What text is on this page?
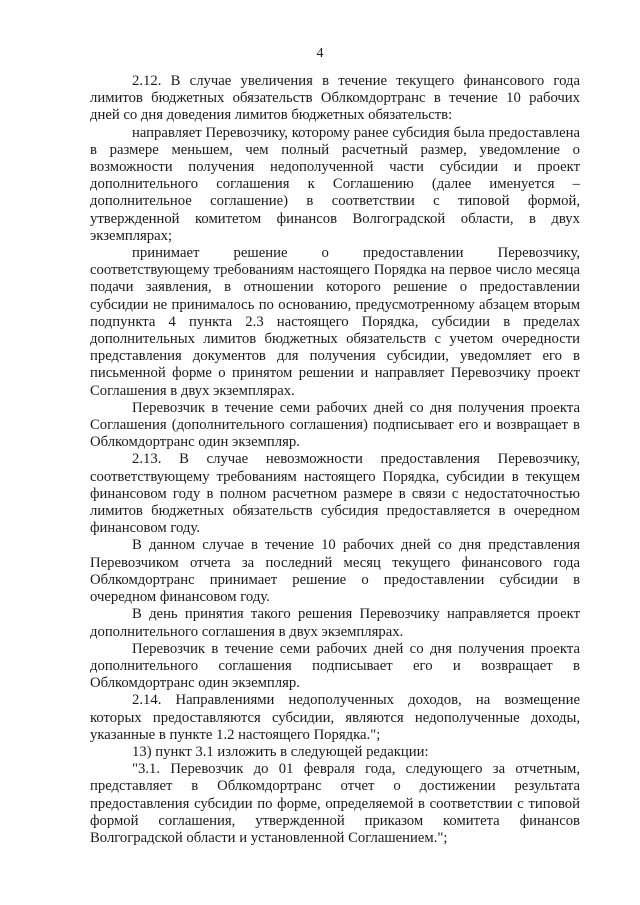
4

2.12. В случае увеличения в течение текущего финансового года лимитов бюджетных обязательств Облкомдортранс в течение 10 рабочих дней со дня доведения лимитов бюджетных обязательств:

направляет Перевозчику, которому ранее субсидия была предоставлена в размере меньшем, чем полный расчетный размер, уведомление о возможности получения недополученной части субсидии и проект дополнительного соглашения к Соглашению (далее именуется – дополнительное соглашение) в соответствии с типовой формой, утвержденной комитетом финансов Волгоградской области, в двух экземплярах;

принимает решение о предоставлении Перевозчику, соответствующему требованиям настоящего Порядка на первое число месяца подачи заявления, в отношении которого решение о предоставлении субсидии не принималось по основанию, предусмотренному абзацем вторым подпункта 4 пункта 2.3 настоящего Порядка, субсидии в пределах дополнительных лимитов бюджетных обязательств с учетом очередности представления документов для получения субсидии, уведомляет его в письменной форме о принятом решении и направляет Перевозчику проект Соглашения в двух экземплярах.

Перевозчик в течение семи рабочих дней со дня получения проекта Соглашения (дополнительного соглашения) подписывает его и возвращает в Облкомдортранс один экземпляр.

2.13. В случае невозможности предоставления Перевозчику, соответствующему требованиям настоящего Порядка, субсидии в текущем финансовом году в полном расчетном размере в связи с недостаточностью лимитов бюджетных обязательств субсидия предоставляется в очередном финансовом году.

В данном случае в течение 10 рабочих дней со дня представления Перевозчиком отчета за последний месяц текущего финансового года Облкомдортранс принимает решение о предоставлении субсидии в очередном финансовом году.

В день принятия такого решения Перевозчику направляется проект дополнительного соглашения в двух экземплярах.

Перевозчик в течение семи рабочих дней со дня получения проекта дополнительного соглашения подписывает его и возвращает в Облкомдортранс один экземпляр.

2.14. Направлениями недополученных доходов, на возмещение которых предоставляются субсидии, являются недополученные доходы, указанные в пункте 1.2 настоящего Порядка.";

13) пункт 3.1 изложить в следующей редакции:

"3.1. Перевозчик до 01 февраля года, следующего за отчетным, представляет в Облкомдортранс отчет о достижении результата предоставления субсидии по форме, определяемой в соответствии с типовой формой соглашения, утвержденной приказом комитета финансов Волгоградской области и установленной Соглашением.";
